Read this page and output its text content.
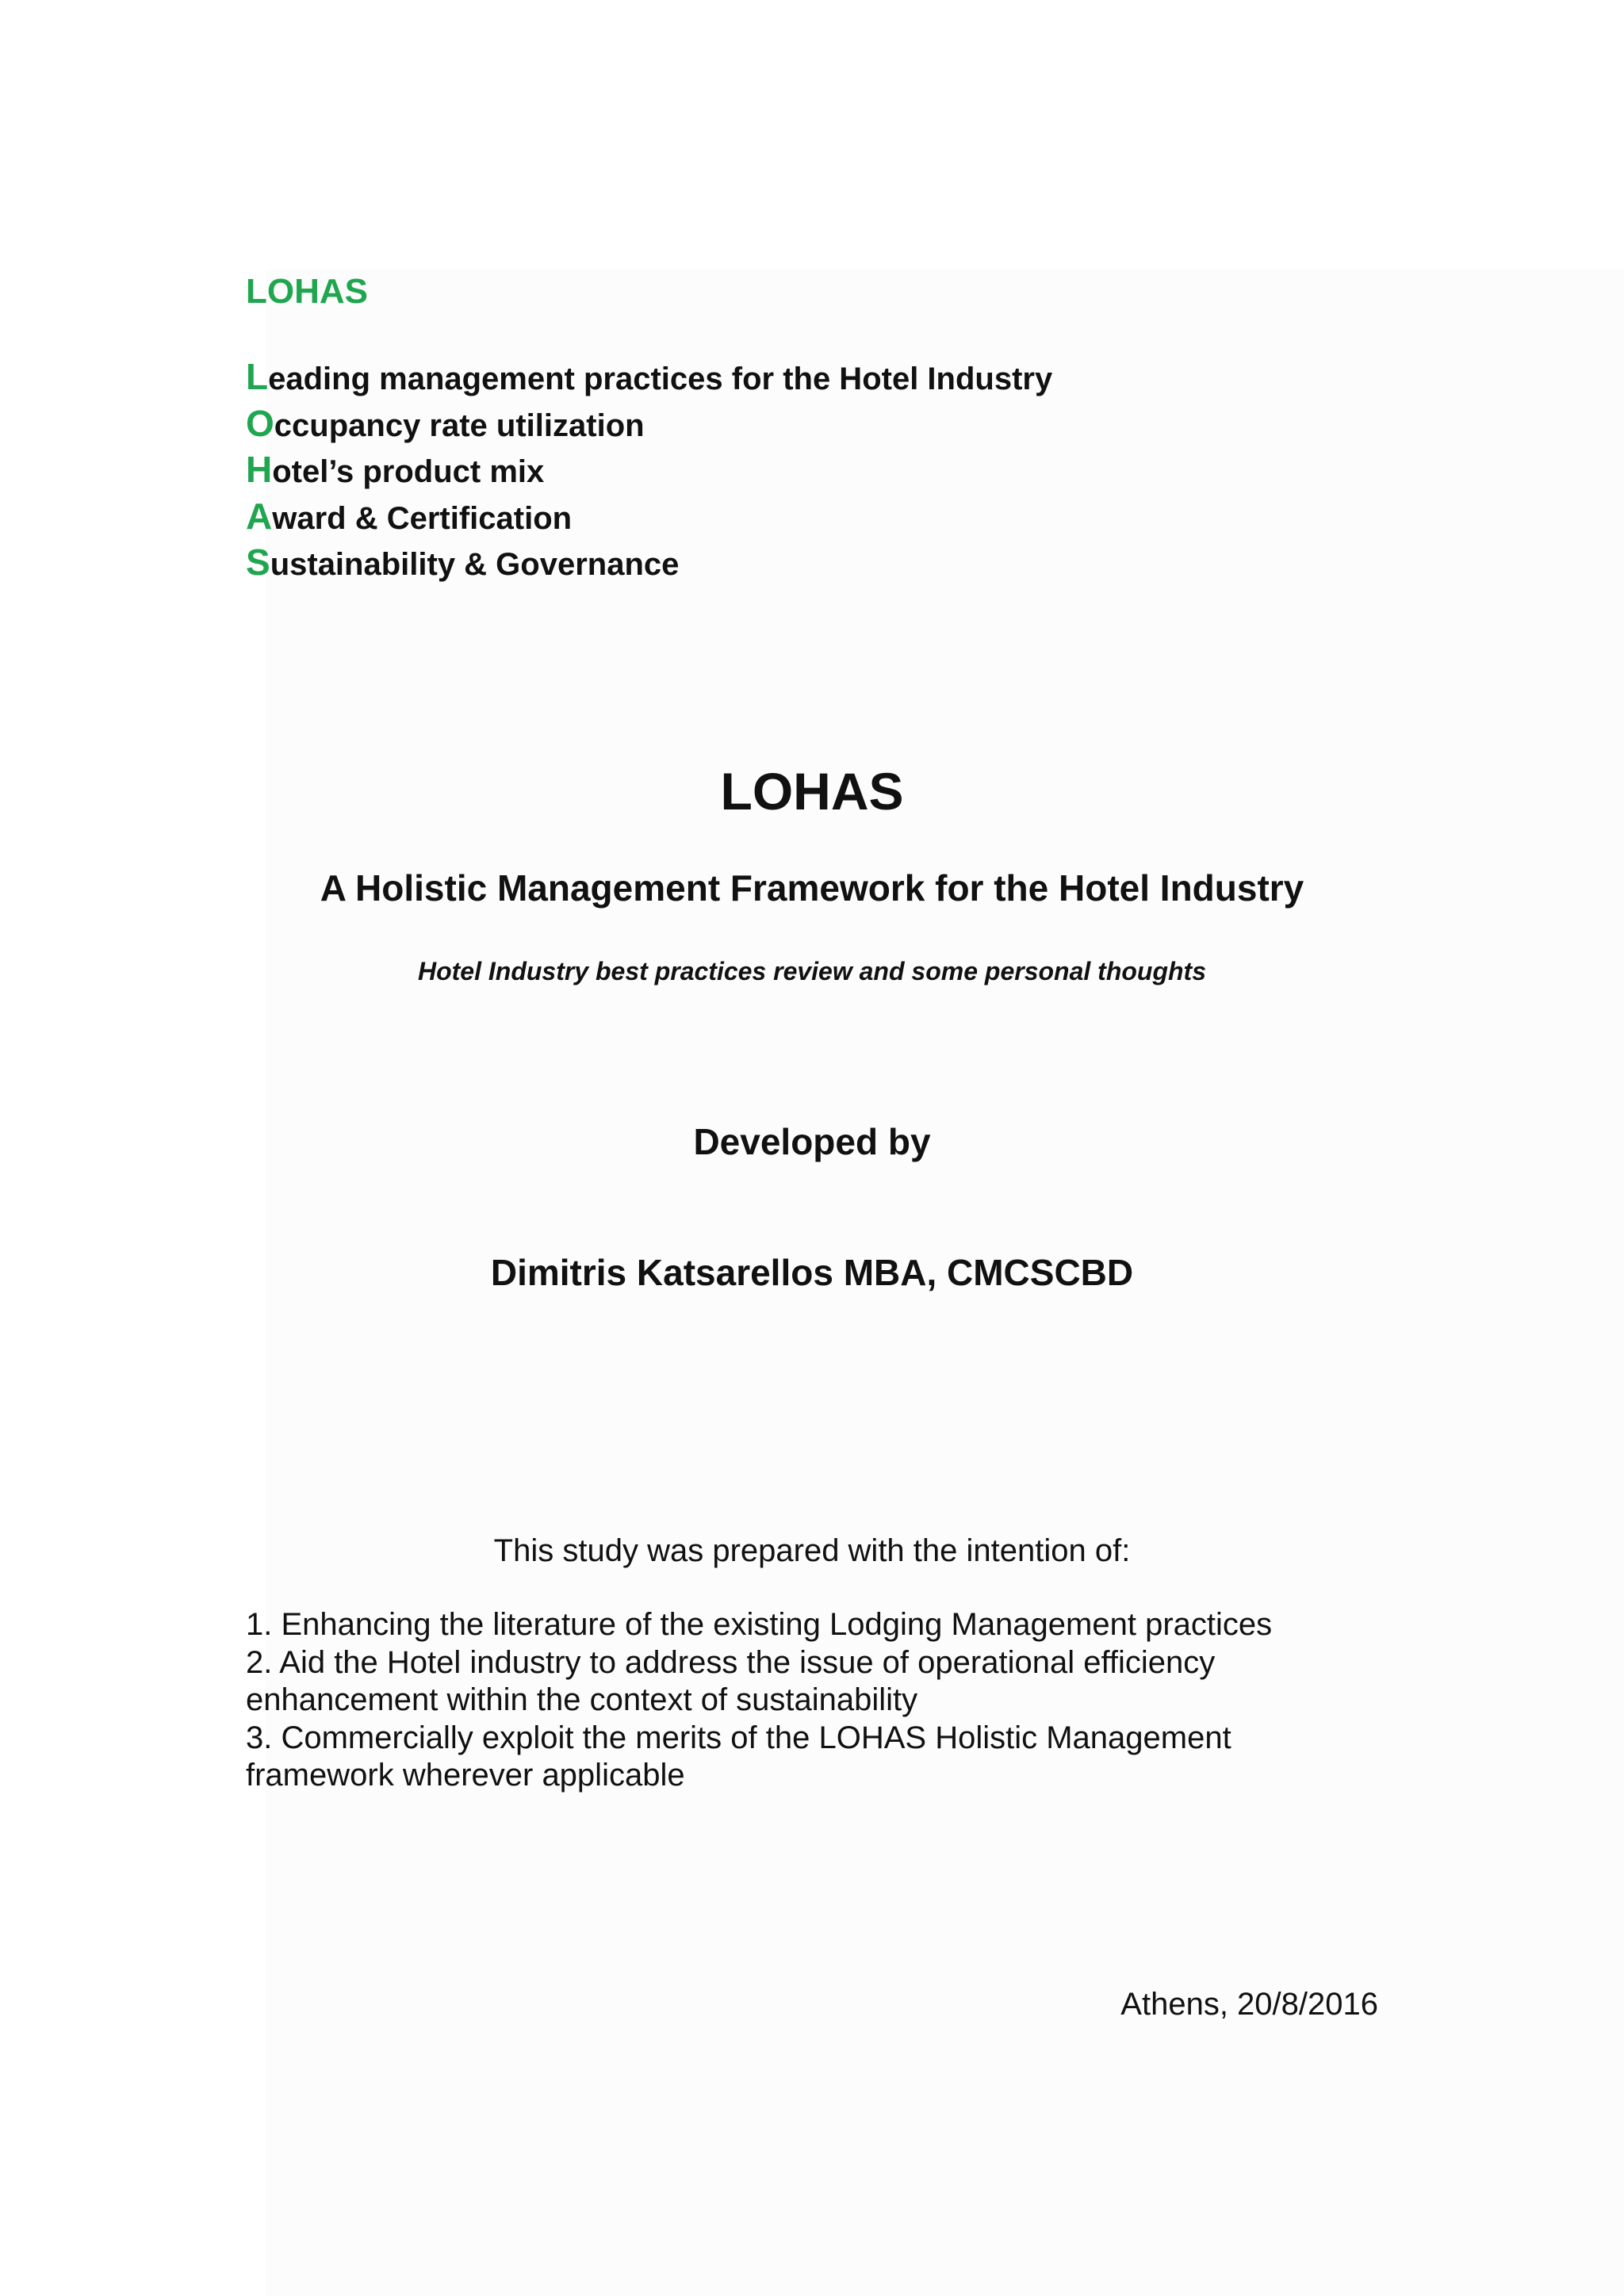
LOHAS
Leading management practices for the Hotel Industry
Occupancy rate utilization
Hotel’s product mix
Award & Certification
Sustainability & Governance
LOHAS
A Holistic Management Framework for the Hotel Industry
Hotel Industry best practices review and some personal thoughts
Developed by
Dimitris Katsarellos MBA, CMCSCBD
This study was prepared with the intention of:
1. Enhancing the literature of the existing Lodging Management practices
2. Aid the Hotel industry to address the issue of operational efficiency enhancement within the context of sustainability
3. Commercially exploit the merits of the LOHAS Holistic Management framework wherever applicable
Athens, 20/8/2016
